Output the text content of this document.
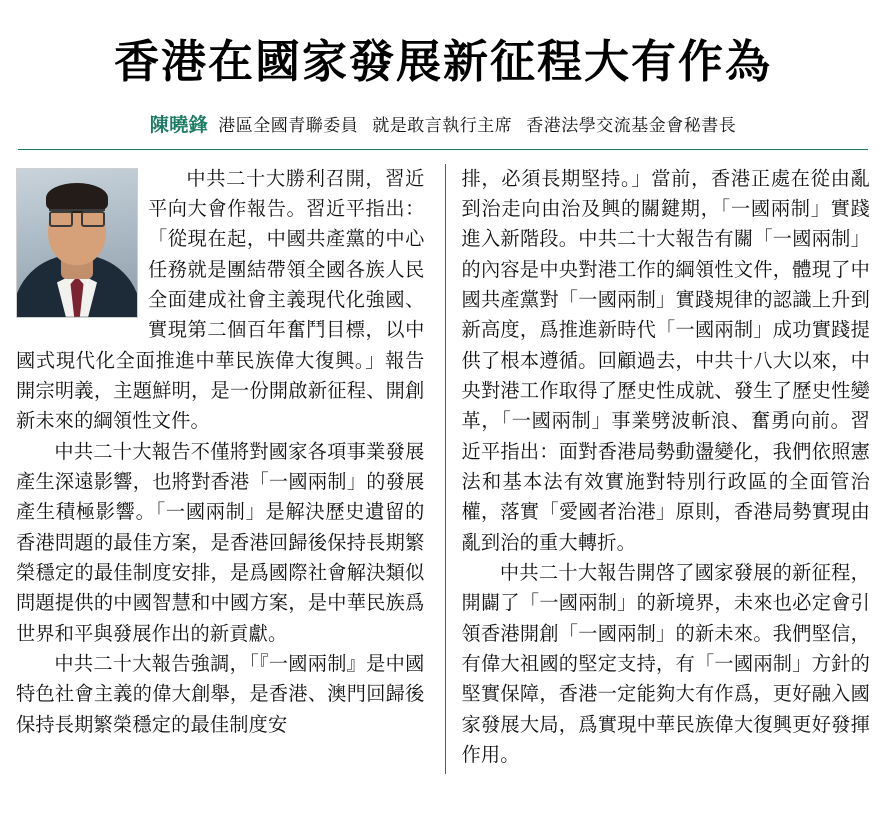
香港在國家發展新征程大有作為
陳曉鋒 港區全國青聯委員 就是敢言執行主席 香港法學交流基金會秘書長

中共二十大勝利召開，習近平向大會作報告。習近平指出：「從現在起，中國共產黨的中心任務就是團結帶領全國各族人民全面建成社會主義現代化強國、實現第二個百年奮鬥目標，以中國式現代化全面推進中華民族偉大復興。」報告開宗明義，主題鮮明，是一份開啟新征程、開創新未來的綱領性文件。

中共二十大報告不僅將對國家各項事業發展產生深遠影響，也將對香港「一國兩制」的發展產生積極影響。「一國兩制」是解決歷史遺留的香港問題的最佳方案，是香港回歸後保持長期繁榮穩定的最佳制度安排，是爲國際社會解決類似問題提供的中國智慧和中國方案，是中華民族爲世界和平與發展作出的新貢獻。

中共二十大報告強調，「『一國兩制』是中國特色社會主義的偉大創舉，是香港、澳門回歸後保持長期繁榮穩定的最佳制度安

排，必須長期堅持。」當前，香港正處在從由亂到治走向由治及興的關鍵期，「一國兩制」實踐進入新階段。中共二十大報告有關「一國兩制」的內容是中央對港工作的綱領性文件，體現了中國共產黨對「一國兩制」實踐規律的認識上升到新高度，爲推進新時代「一國兩制」成功實踐提供了根本遵循。回顧過去，中共十八大以來，中央對港工作取得了歷史性成就、發生了歷史性變革，「一國兩制」事業劈波斬浪、奮勇向前。習近平指出：面對香港局勢動盪變化，我們依照憲法和基本法有效實施對特別行政區的全面管治權，落實「愛國者治港」原則，香港局勢實現由亂到治的重大轉折。

中共二十大報告開啓了國家發展的新征程，開闢了「一國兩制」的新境界，未來也必定會引領香港開創「一國兩制」的新未來。我們堅信，有偉大祖國的堅定支持，有「一國兩制」方針的堅實保障，香港一定能夠大有作爲，更好融入國家發展大局，爲實現中華民族偉大復興更好發揮作用。
